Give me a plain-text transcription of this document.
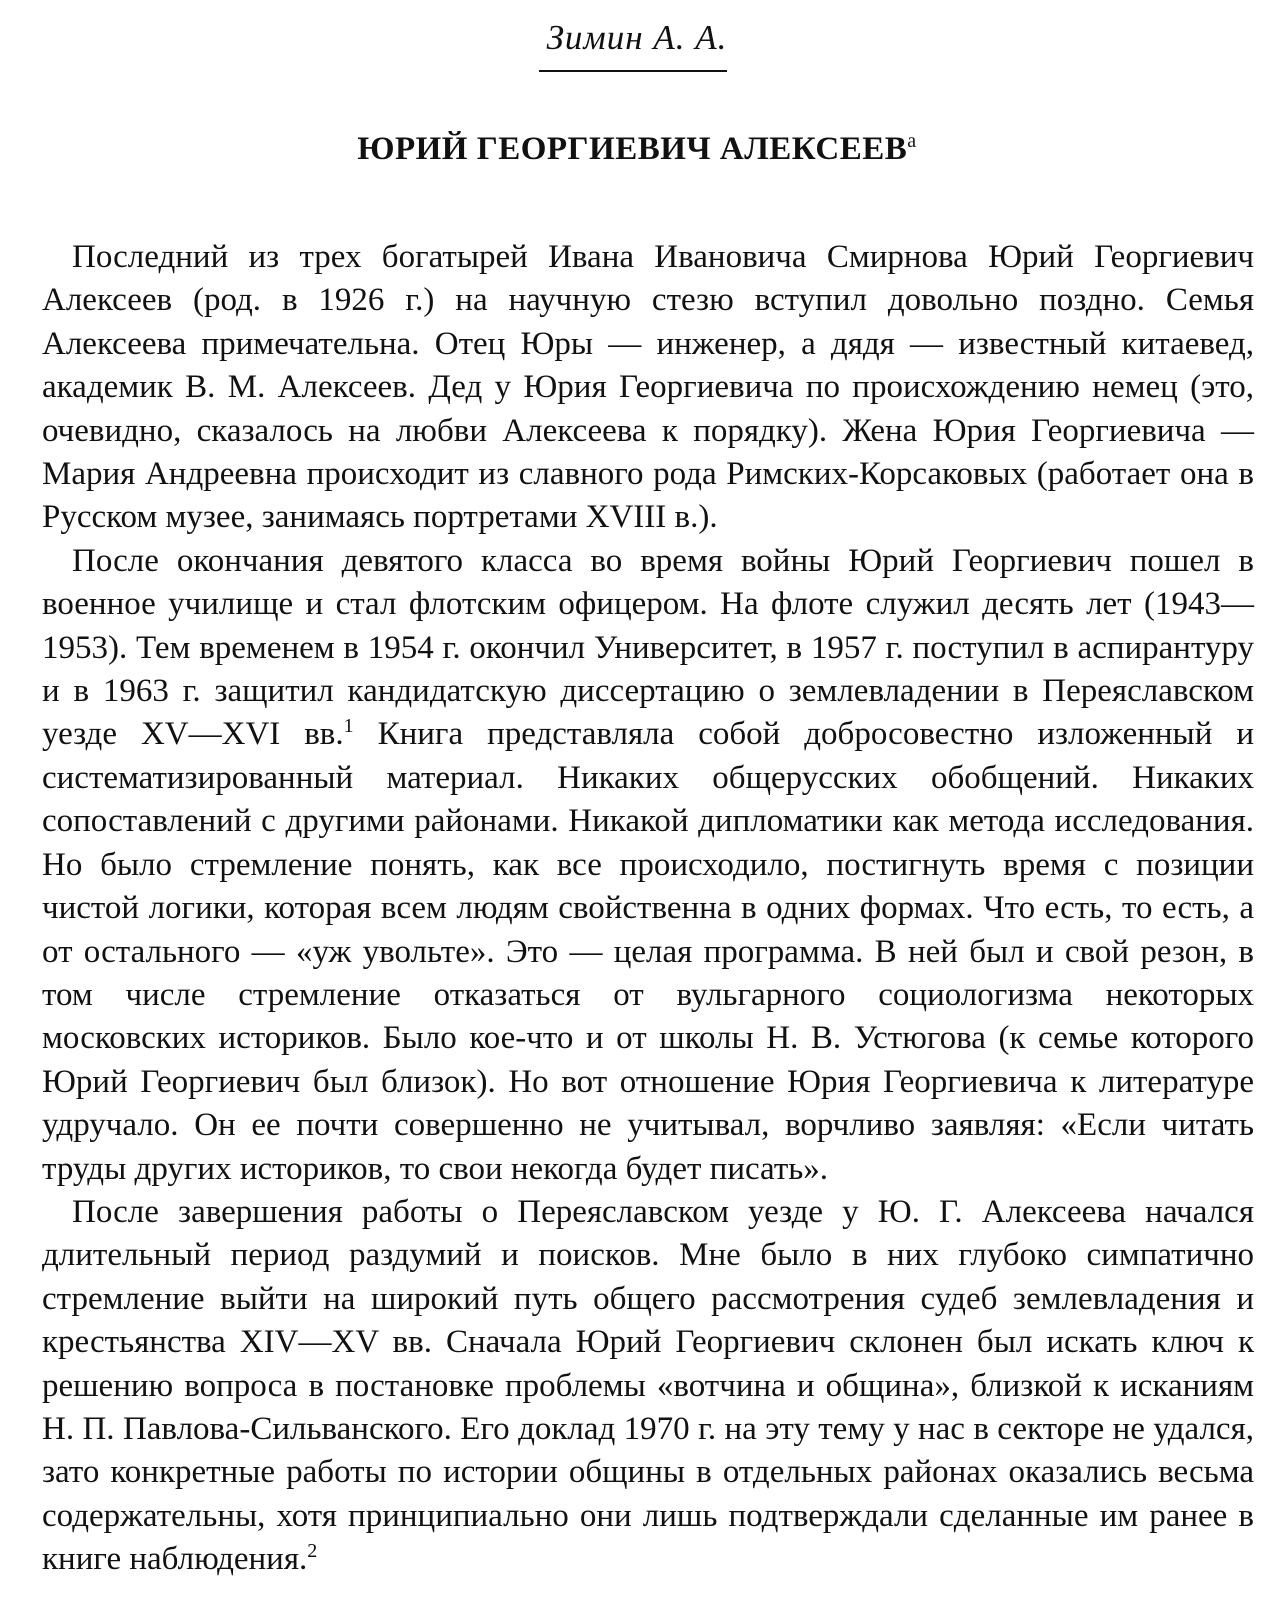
Зимин А. А.
ЮРИЙ ГЕОРГИЕВИЧ $АЛЕКСЕЕВ^а$

Последний из трех богатырей Ивана Ивановича Смирнова Юрий Георгиевич Алексеев (род. в 1926 г.) на научную стезю вступил довольно поздно. Семья Алексеева примечательна. Отец Юры — инженер, а дядя — известный китаевед, академик В. М. Алексеев. Дед у Юрия Георгиевича по происхождению немец (это, очевидно, сказалось на любви Алексеева к порядку). Жена Юрия Георгиевича — Мария Андреевна происходит из славного рода Римских-Корсаковых (работает она в Русском музее, занимаясь портретами XVIII в.).

После окончания девятого класса во время войны Юрий Георгиевич пошел в военное училище и стал флотским офицером. На флоте служил десять лет (1943—1953). Тем временем в 1954 г. окончил Университет, в 1957 г. поступил в аспирантуру и в 1963 г. защитил кандидатскую диссертацию о землевладении в Переяславском уезде XV—XVI вв.$^1$ Книга представляла собой добросовестно изложенный и систематизированный материал. Никаких общерусских обобщений. Никаких сопоставлений с другими районами. Никакой дипломатики как метода исследования. Но было стремление понять, как все происходило, постигнуть время с позиции чистой логики, которая всем людям свойственна в одних формах. Что есть, то есть, а от остального — «уж увольте». Это — целая программа. В ней был и свой резон, в том числе стремление отказаться от вульгарного социологизма некоторых московских историков. Было кое-что и от школы Н. В. Устюгова (к семье которого Юрий Георгиевич был близок). Но вот отношение Юрия Георгиевича к литературе удручало. Он ее почти совершенно не учитывал, ворчливо заявляя: «Если читать труды других историков, то свои некогда будет писать».

После завершения работы о Переяславском уезде у Ю. Г. Алексеева начался длительный период раздумий и поисков. Мне было в них глубоко симпатично стремление выйти на широкий путь общего рассмотрения судеб землевладения и крестьянства XIV—XV вв. Сначала Юрий Георгиевич склонен был искать ключ к решению вопроса в постановке проблемы «вотчина и община», близкой к исканиям Н. П. Павлова-Сильванского. Его доклад 1970 г. на эту тему у нас в секторе не удался, зато конкретные работы по истории общины в отдельных районах оказались весьма содержательны, хотя принципиально они лишь подтверждали сделанные им ранее в книге наблюдения.$^2$
